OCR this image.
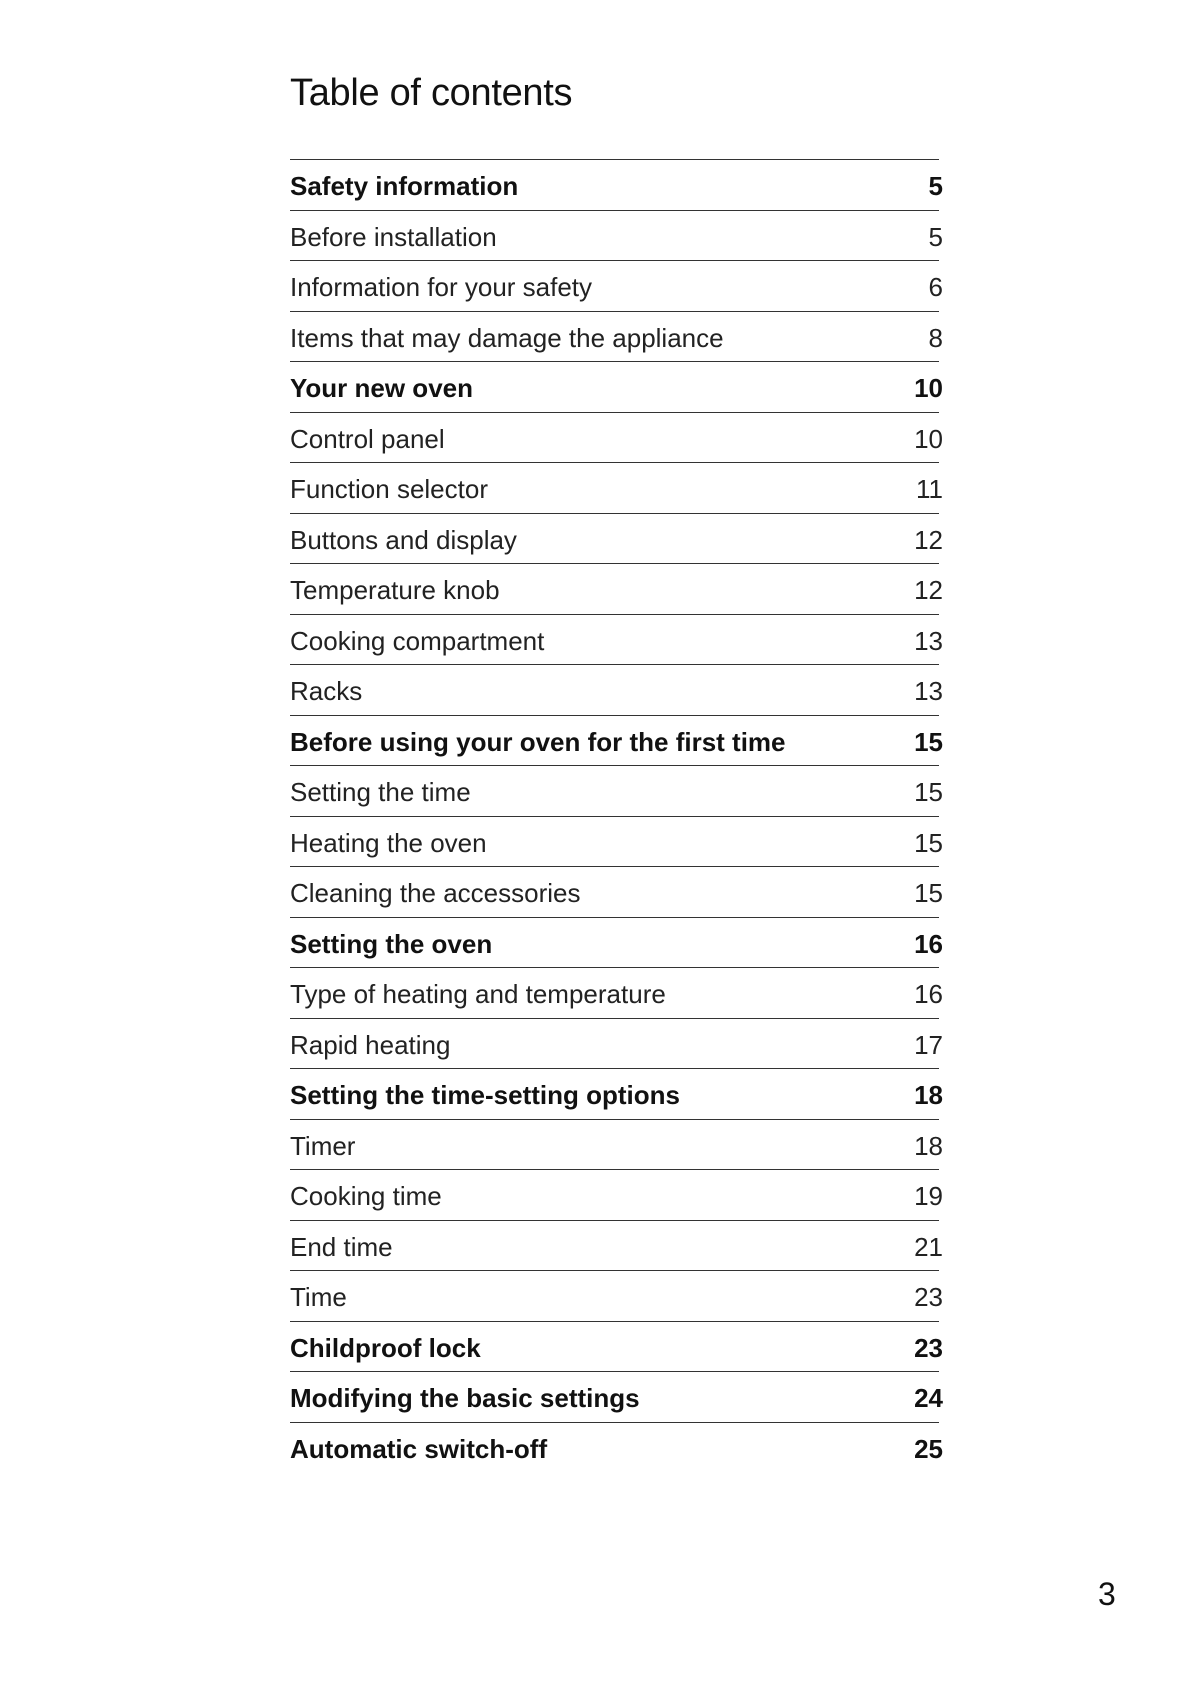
Table of contents
Safety information . . .	5
Before installation . . .	5
Information for your safety . . .	6
Items that may damage the appliance . . .	8
Your new oven . . .	10
Control panel . . .	10
Function selector . . .	11
Buttons and display . . .	12
Temperature knob . . .	12
Cooking compartment . . .	13
Racks . . .	13
Before using your oven for the first time . . .	15
Setting the time . . .	15
Heating the oven . . .	15
Cleaning the accessories . . .	15
Setting the oven . . .	16
Type of heating and temperature . . .	16
Rapid heating . . .	17
Setting the time-setting options . . .	18
Timer . . .	18
Cooking time . . .	19
End time . . .	21
Time . . .	23
Childproof lock . . .	23
Modifying the basic settings . . .	24
Automatic switch-off . . .	25
3
